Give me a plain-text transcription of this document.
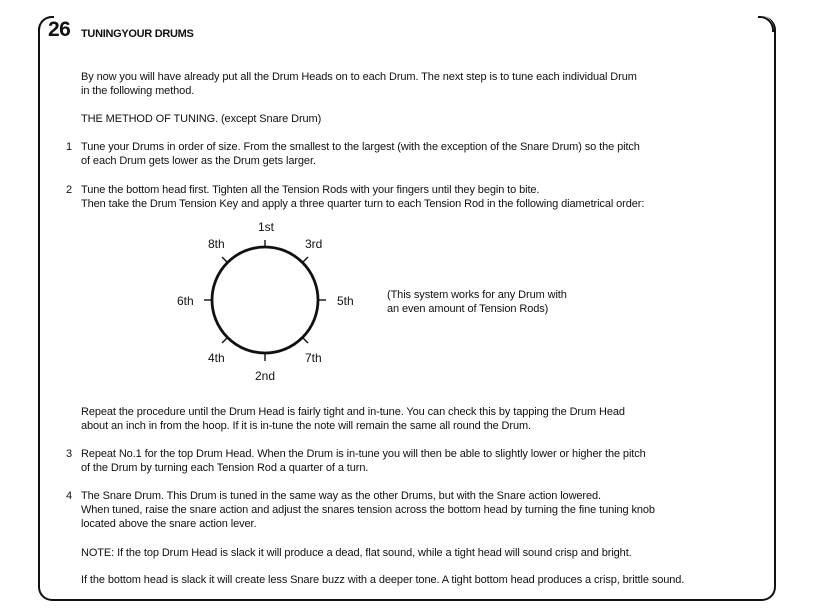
26 TUNINGYOUR DRUMS
By now you will have already put all the Drum Heads on to each Drum. The next step is to tune each individual Drum
in the following method.
THE METHOD OF TUNING. (except Snare Drum)
1 Tune your Drums in order of size. From the smallest to the largest (with the exception of the Snare Drum) so the pitch
of each Drum gets lower as the Drum gets larger.
2 Tune the bottom head first. Tighten all the Tension Rods with your fingers until they begin to bite.
Then take the Drum Tension Key and apply a three quarter turn to each Tension Rod in the following diametrical order:
1st
3rd
5th
7th
2nd
4th
6th
8th
(This system works for any Drum with
an even amount of Tension Rods)
Repeat the procedure until the Drum Head is fairly tight and in-tune. You can check this by tapping the Drum Head
about an inch in from the hoop. If it is in-tune the note will remain the same all round the Drum.
3 Repeat No.1 for the top Drum Head. When the Drum is in-tune you will then be able to slightly lower or higher the pitch
of the Drum by turning each Tension Rod a quarter of a turn.
4 The Snare Drum. This Drum is tuned in the same way as the other Drums, but with the Snare action lowered.
When tuned, raise the snare action and adjust the snares tension across the bottom head by turning the fine tuning knob
located above the snare action lever.
NOTE: If the top Drum Head is slack it will produce a dead, flat sound, while a tight head will sound crisp and bright.
If the bottom head is slack it will create less Snare buzz with a deeper tone. A tight bottom head produces a crisp, brittle sound.
